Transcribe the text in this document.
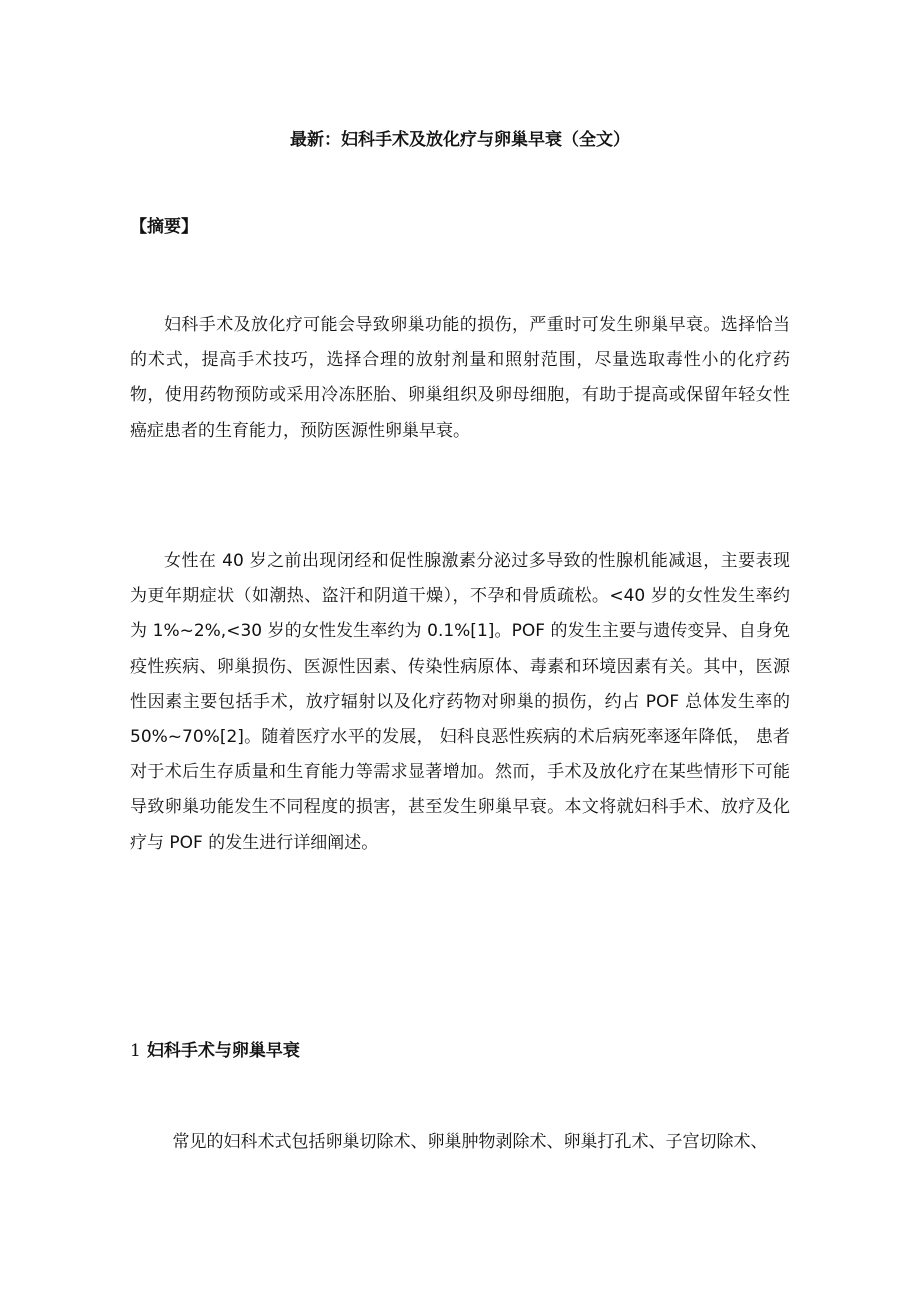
最新：妇科手术及放化疗与卵巢早衰（全文）
【摘要】

妇科手术及放化疗可能会导致卵巢功能的损伤，严重时可发生卵巢早衰。选择恰当的术式，提高手术技巧，选择合理的放射剂量和照射范围，尽量选取毒性小的化疗药物，使用药物预防或采用冷冻胚胎、卵巢组织及卵母细胞，有助于提高或保留年轻女性癌症患者的生育能力，预防医源性卵巢早衰。

女性在 40 岁之前出现闭经和促性腺激素分泌过多导致的性腺机能减退，主要表现为更年期症状（如潮热、盗汗和阴道干燥），不孕和骨质疏松。<40 岁的女性发生率约为 1%~2%,<30 岁的女性发生率约为 0.1%[1]。POF 的发生主要与遗传变异、自身免疫性疾病、卵巢损伤、医源性因素、传染性病原体、毒素和环境因素有关。其中，医源性因素主要包括手术，放疗辐射以及化疗药物对卵巢的损伤，约占 POF 总体发生率的 50%~70%[2]。随着医疗水平的发展， 妇科良恶性疾病的术后病死率逐年降低， 患者对于术后生存质量和生育能力等需求显著增加。然而，手术及放化疗在某些情形下可能导致卵巢功能发生不同程度的损害，甚至发生卵巢早衰。本文将就妇科手术、放疗及化疗与 POF 的发生进行详细阐述。

1 妇科手术与卵巢早衰

常见的妇科术式包括卵巢切除术、卵巢肿物剥除术、卵巢打孔术、子宫切除术、
